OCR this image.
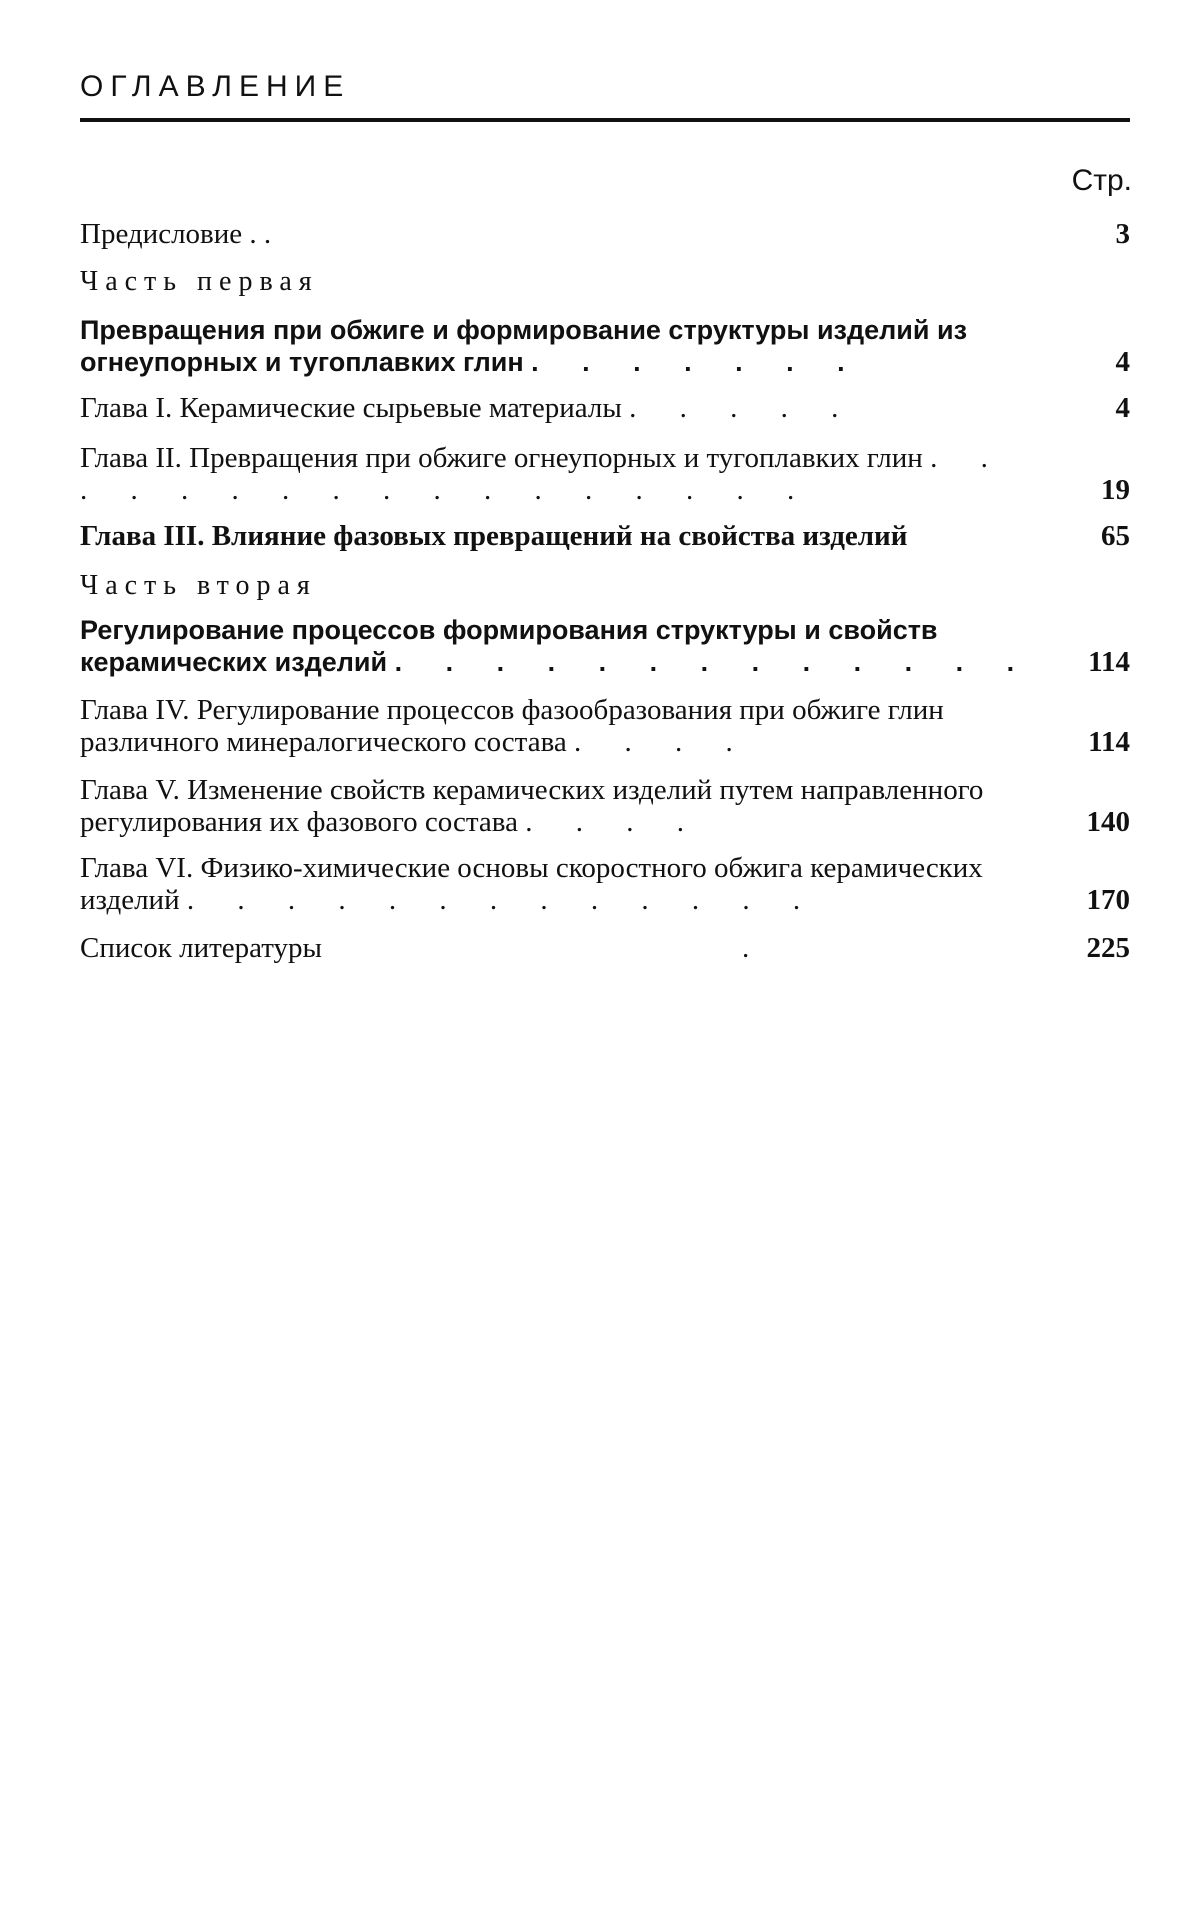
ОГЛАВЛЕНИЕ
Стр.
Предисловие . .	3
Часть первая
Превращения при обжиге и формирование структуры изделий из огнеупорных и тугоплавких глин . . . . . . .	4
Глава I. Керамические сырьевые материалы . . . . .	4
Глава II. Превращения при обжиге огнеупорных и тугоплавких глин . . . . . . . . . . . . . . . . .	19
Глава III. Влияние фазовых превращений на свойства изделий	65
Часть вторая
Регулирование процессов формирования структуры и свойств керамических изделий . . . . . . . . . . . . . 114
Глава IV. Регулирование процессов фазообразования при обжиге глин различного минералогического состава . . . .	114
Глава V. Изменение свойств керамических изделий путем направленного регулирования их фазового состава . . . .	140
Глава VI. Физико-химические основы скоростного обжига керамических изделий . . . . . . . . . . . . .	170
Список литературы	.	225
